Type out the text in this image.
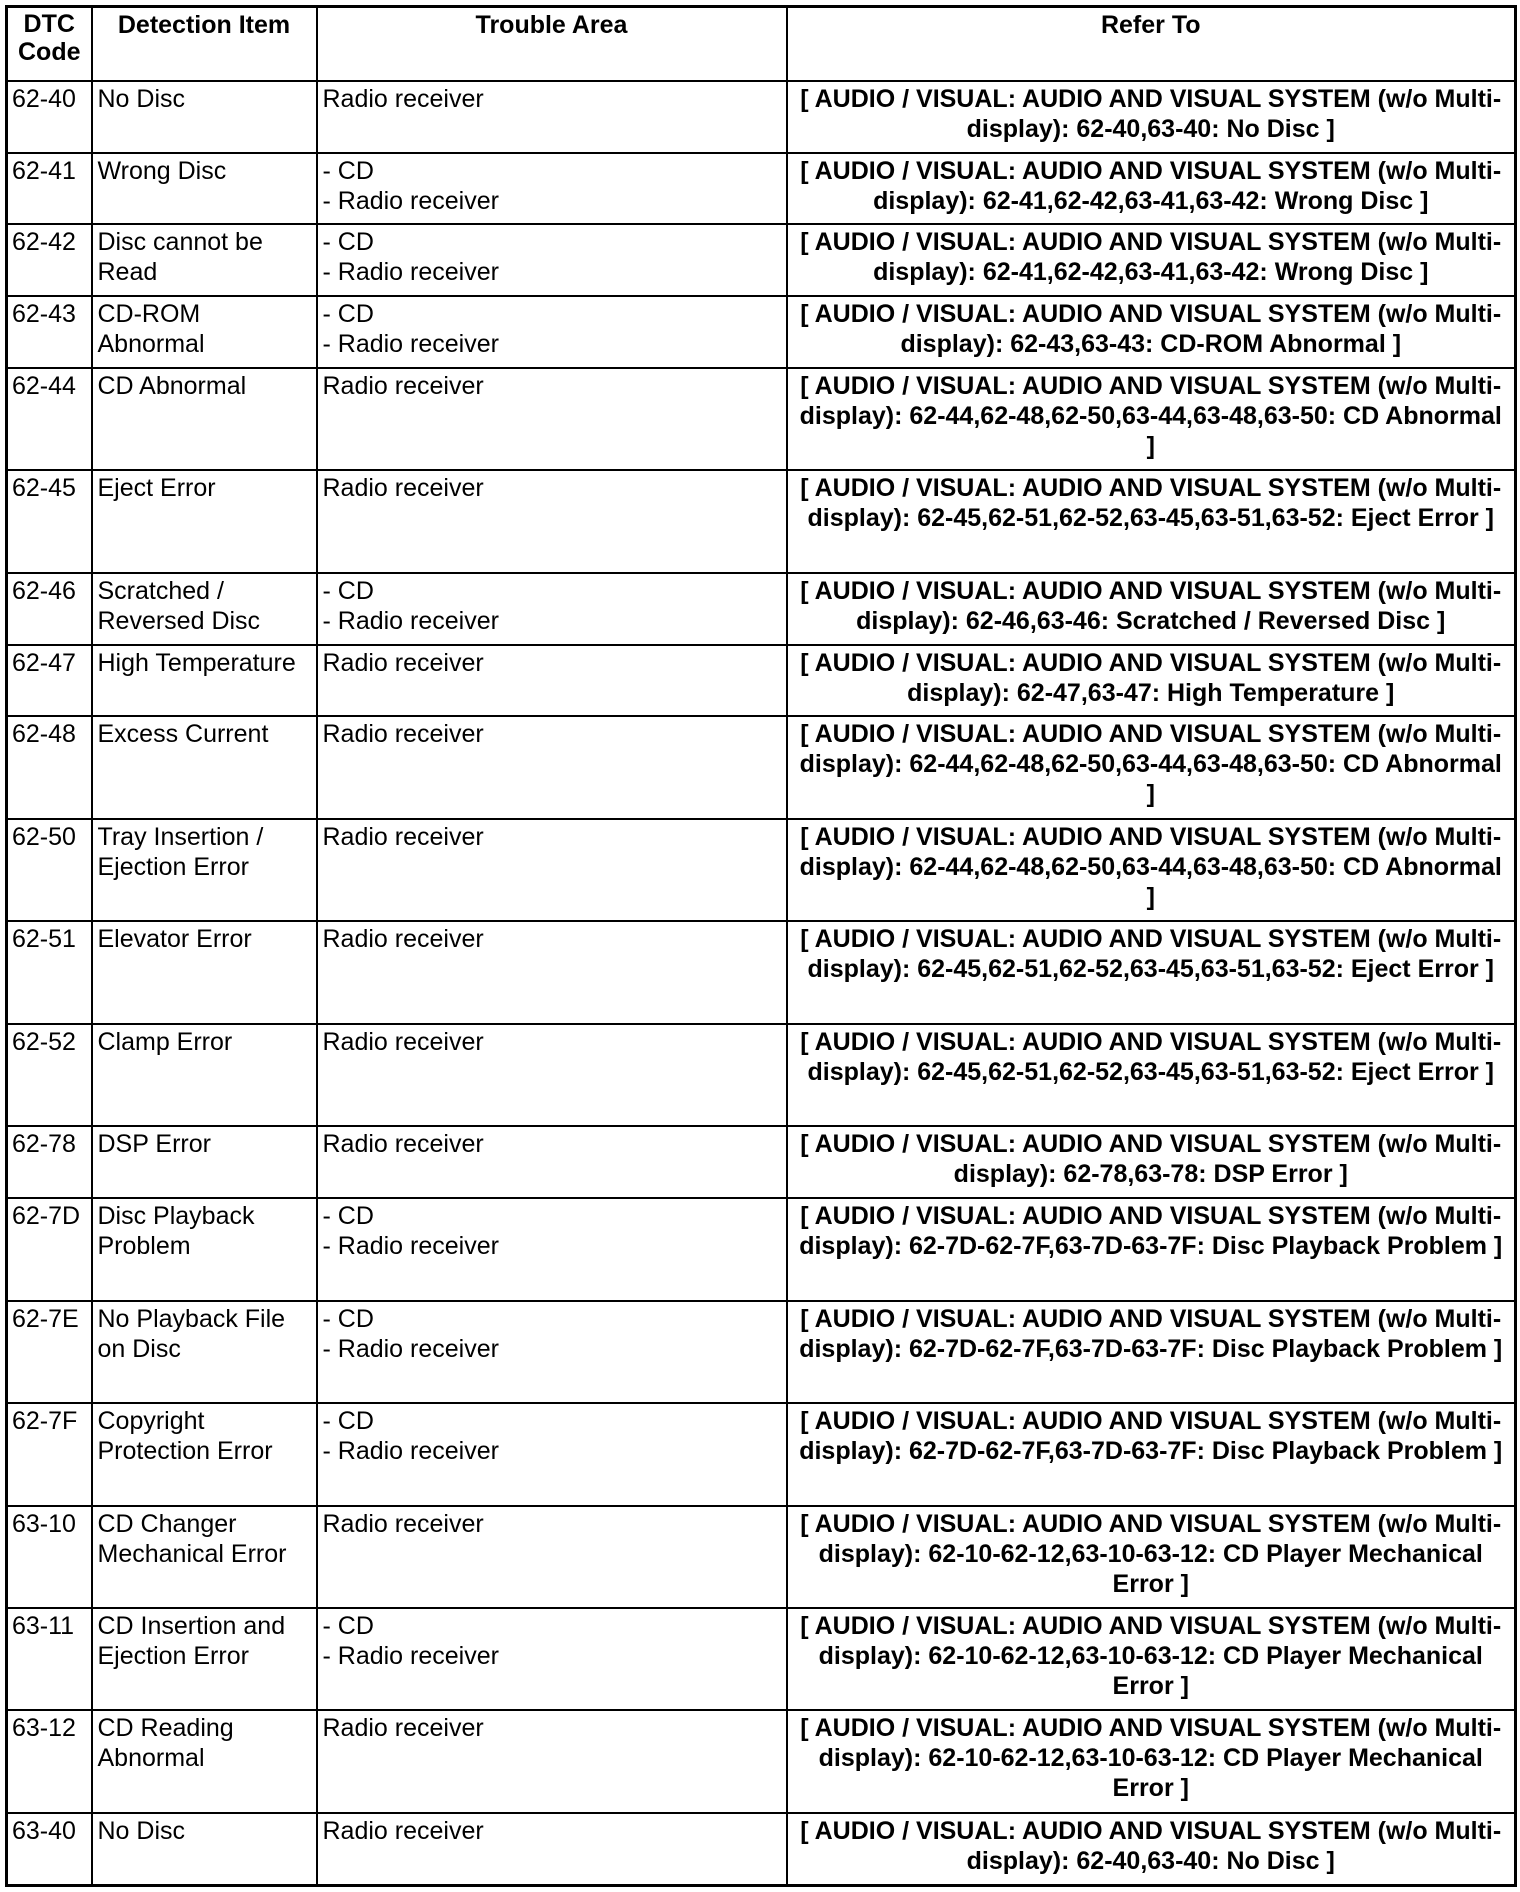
DTC
Code	Detection Item	Trouble Area	Refer To
62-40	No Disc	Radio receiver	[ AUDIO / VISUAL: AUDIO AND VISUAL SYSTEM (w/o Multi-display): 62-40,63-40: No Disc ]
62-41	Wrong Disc	- CD
- Radio receiver	[ AUDIO / VISUAL: AUDIO AND VISUAL SYSTEM (w/o Multi-display): 62-41,62-42,63-41,63-42: Wrong Disc ]
62-42	Disc cannot be Read	- CD
- Radio receiver	[ AUDIO / VISUAL: AUDIO AND VISUAL SYSTEM (w/o Multi-display): 62-41,62-42,63-41,63-42: Wrong Disc ]
62-43	CD-ROM Abnormal	- CD
- Radio receiver	[ AUDIO / VISUAL: AUDIO AND VISUAL SYSTEM (w/o Multi-display): 62-43,63-43: CD-ROM Abnormal ]
62-44	CD Abnormal	Radio receiver	[ AUDIO / VISUAL: AUDIO AND VISUAL SYSTEM (w/o Multi-display): 62-44,62-48,62-50,63-44,63-48,63-50: CD Abnormal ]
62-45	Eject Error	Radio receiver	[ AUDIO / VISUAL: AUDIO AND VISUAL SYSTEM (w/o Multi-display): 62-45,62-51,62-52,63-45,63-51,63-52: Eject Error ]
62-46	Scratched / Reversed Disc	- CD
- Radio receiver	[ AUDIO / VISUAL: AUDIO AND VISUAL SYSTEM (w/o Multi-display): 62-46,63-46: Scratched / Reversed Disc ]
62-47	High Temperature	Radio receiver	[ AUDIO / VISUAL: AUDIO AND VISUAL SYSTEM (w/o Multi-display): 62-47,63-47: High Temperature ]
62-48	Excess Current	Radio receiver	[ AUDIO / VISUAL: AUDIO AND VISUAL SYSTEM (w/o Multi-display): 62-44,62-48,62-50,63-44,63-48,63-50: CD Abnormal ]
62-50	Tray Insertion / Ejection Error	Radio receiver	[ AUDIO / VISUAL: AUDIO AND VISUAL SYSTEM (w/o Multi-display): 62-44,62-48,62-50,63-44,63-48,63-50: CD Abnormal ]
62-51	Elevator Error	Radio receiver	[ AUDIO / VISUAL: AUDIO AND VISUAL SYSTEM (w/o Multi-display): 62-45,62-51,62-52,63-45,63-51,63-52: Eject Error ]
62-52	Clamp Error	Radio receiver	[ AUDIO / VISUAL: AUDIO AND VISUAL SYSTEM (w/o Multi-display): 62-45,62-51,62-52,63-45,63-51,63-52: Eject Error ]
62-78	DSP Error	Radio receiver	[ AUDIO / VISUAL: AUDIO AND VISUAL SYSTEM (w/o Multi-display): 62-78,63-78: DSP Error ]
62-7D	Disc Playback Problem	- CD
- Radio receiver	[ AUDIO / VISUAL: AUDIO AND VISUAL SYSTEM (w/o Multi-display): 62-7D-62-7F,63-7D-63-7F: Disc Playback Problem ]
62-7E	No Playback File on Disc	- CD
- Radio receiver	[ AUDIO / VISUAL: AUDIO AND VISUAL SYSTEM (w/o Multi-display): 62-7D-62-7F,63-7D-63-7F: Disc Playback Problem ]
62-7F	Copyright Protection Error	- CD
- Radio receiver	[ AUDIO / VISUAL: AUDIO AND VISUAL SYSTEM (w/o Multi-display): 62-7D-62-7F,63-7D-63-7F: Disc Playback Problem ]
63-10	CD Changer Mechanical Error	Radio receiver	[ AUDIO / VISUAL: AUDIO AND VISUAL SYSTEM (w/o Multi-display): 62-10-62-12,63-10-63-12: CD Player Mechanical Error ]
63-11	CD Insertion and Ejection Error	- CD
- Radio receiver	[ AUDIO / VISUAL: AUDIO AND VISUAL SYSTEM (w/o Multi-display): 62-10-62-12,63-10-63-12: CD Player Mechanical Error ]
63-12	CD Reading Abnormal	Radio receiver	[ AUDIO / VISUAL: AUDIO AND VISUAL SYSTEM (w/o Multi-display): 62-10-62-12,63-10-63-12: CD Player Mechanical Error ]
63-40	No Disc	Radio receiver	[ AUDIO / VISUAL: AUDIO AND VISUAL SYSTEM (w/o Multi-display): 62-40,63-40: No Disc ]
